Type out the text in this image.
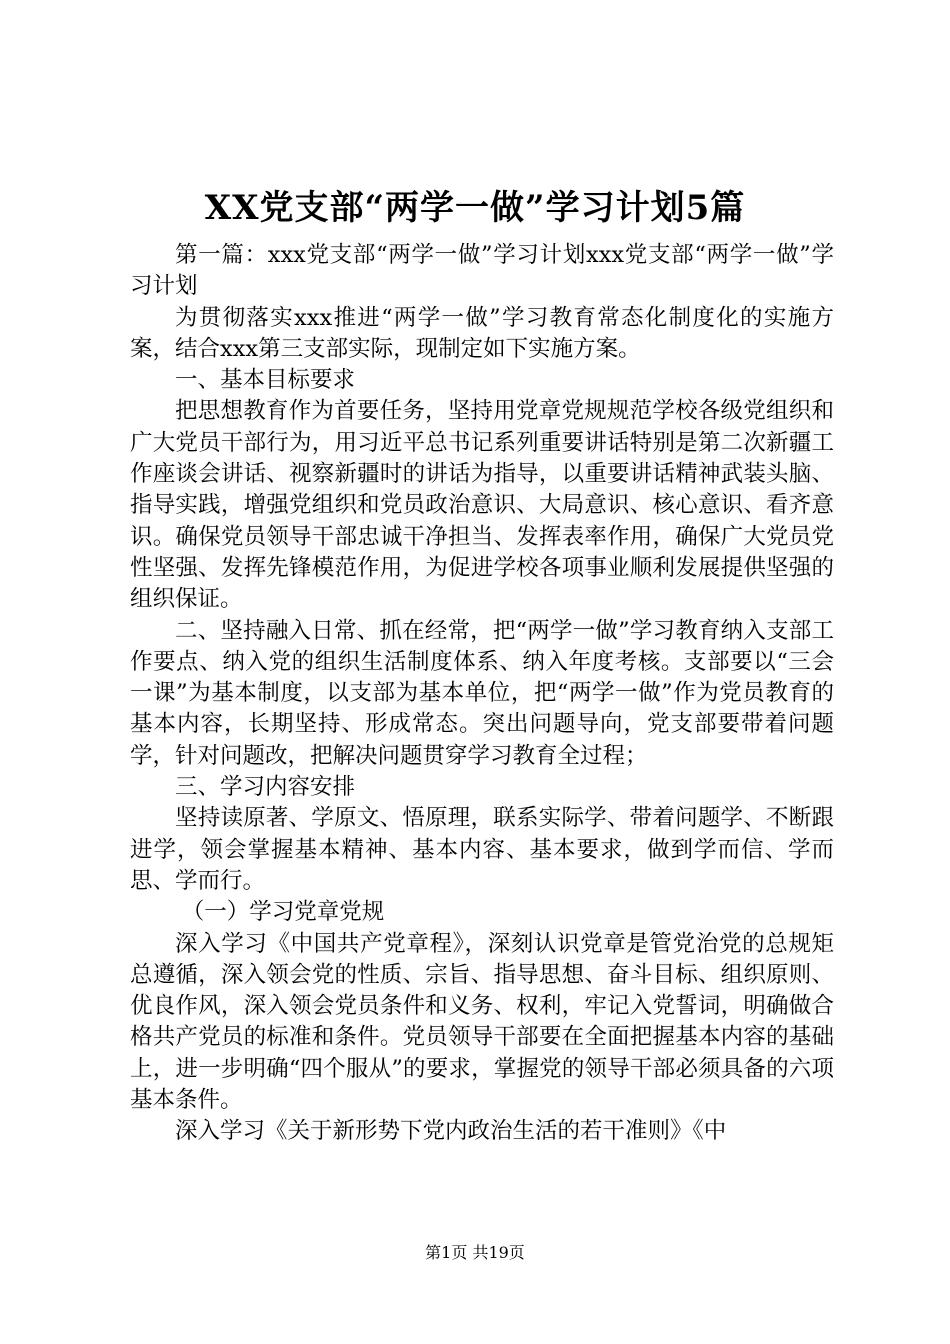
XX党支部“两学一做”学习计划5篇

第一篇：xxx党支部“两学一做”学习计划xxx党支部“两学一做”学习计划

为贯彻落实xxx推进“两学一做”学习教育常态化制度化的实施方案，结合xxx第三支部实际，现制定如下实施方案。

一、基本目标要求

把思想教育作为首要任务，坚持用党章党规规范学校各级党组织和广大党员干部行为，用习近平总书记系列重要讲话特别是第二次新疆工作座谈会讲话、视察新疆时的讲话为指导，以重要讲话精神武装头脑、指导实践，增强党组织和党员政治意识、大局意识、核心意识、看齐意识。确保党员领导干部忠诚干净担当、发挥表率作用，确保广大党员党性坚强、发挥先锋模范作用，为促进学校各项事业顺利发展提供坚强的组织保证。

二、坚持融入日常、抓在经常，把“两学一做”学习教育纳入支部工作要点、纳入党的组织生活制度体系、纳入年度考核。支部要以“三会一课”为基本制度，以支部为基本单位，把“两学一做”作为党员教育的基本内容，长期坚持、形成常态。突出问题导向，党支部要带着问题学，针对问题改，把解决问题贯穿学习教育全过程；

三、学习内容安排

坚持读原著、学原文、悟原理，联系实际学、带着问题学、不断跟进学，领会掌握基本精神、基本内容、基本要求，做到学而信、学而思、学而行。

（一）学习党章党规

深入学习《中国共产党章程》，深刻认识党章是管党治党的总规矩总遵循，深入领会党的性质、宗旨、指导思想、奋斗目标、组织原则、优良作风，深入领会党员条件和义务、权利，牢记入党誓词，明确做合格共产党员的标准和条件。党员领导干部要在全面把握基本内容的基础上，进一步明确“四个服从”的要求，掌握党的领导干部必须具备的六项基本条件。

深入学习《关于新形势下党内政治生活的若干准则》《中

第1页 共19页
